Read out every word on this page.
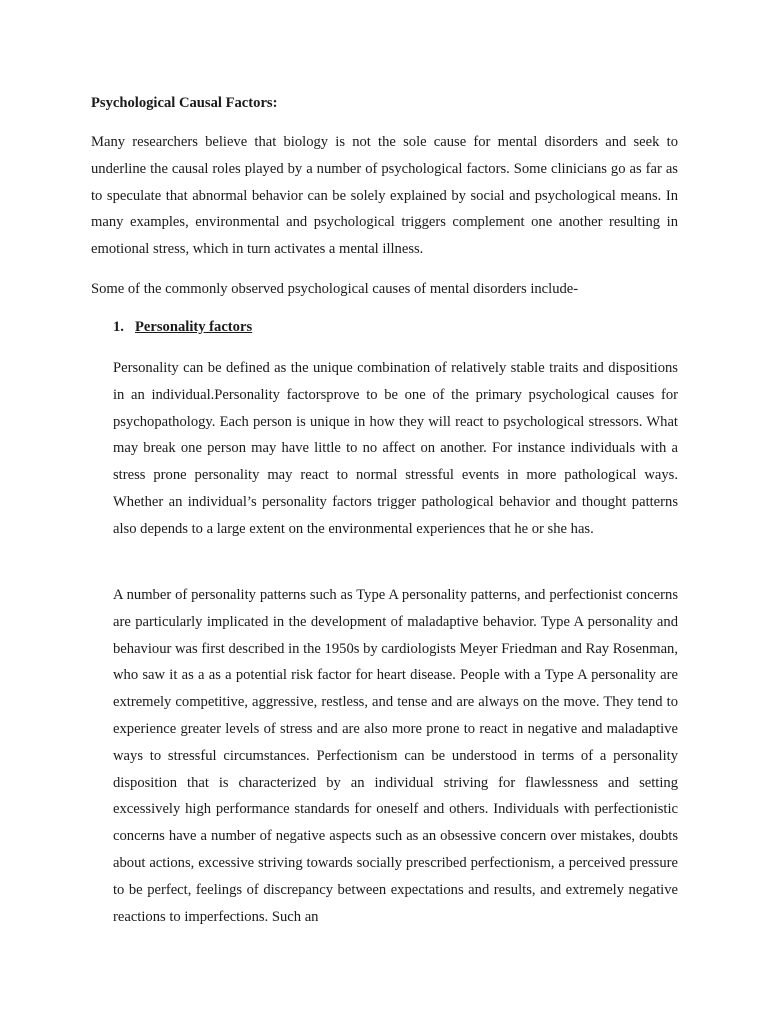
Psychological Causal Factors:

Many researchers believe that biology is not the sole cause for mental disorders and seek to underline the causal roles played by a number of psychological factors. Some clinicians go as far as to speculate that abnormal behavior can be solely explained by social and psychological means. In many examples, environmental and psychological triggers complement one another resulting in emotional stress, which in turn activates a mental illness.

Some of the commonly observed psychological causes of mental disorders include-

1. Personality factors

Personality can be defined as the unique combination of relatively stable traits and dispositions in an individual.Personality factorsprove to be one of the primary psychological causes for psychopathology. Each person is unique in how they will react to psychological stressors. What may break one person may have little to no affect on another. For instance individuals with a stress prone personality may react to normal stressful events in more pathological ways. Whether an individual’s personality factors trigger pathological behavior and thought patterns also depends to a large extent on the environmental experiences that he or she has.

A number of personality patterns such as Type A personality patterns, and perfectionist concerns are particularly implicated in the development of maladaptive behavior. Type A personality and behaviour was first described in the 1950s by cardiologists Meyer Friedman and Ray Rosenman, who saw it as a as a potential risk factor for heart disease. People with a Type A personality are extremely competitive, aggressive, restless, and tense and are always on the move. They tend to experience greater levels of stress and are also more prone to react in negative and maladaptive ways to stressful circumstances. Perfectionism can be understood in terms of a personality disposition that is characterized by an individual striving for flawlessness and setting excessively high performance standards for oneself and others. Individuals with perfectionistic concerns have a number of negative aspects such as an obsessive concern over mistakes, doubts about actions, excessive striving towards socially prescribed perfectionism, a perceived pressure to be perfect, feelings of discrepancy between expectations and results, and extremely negative reactions to imperfections. Such an
